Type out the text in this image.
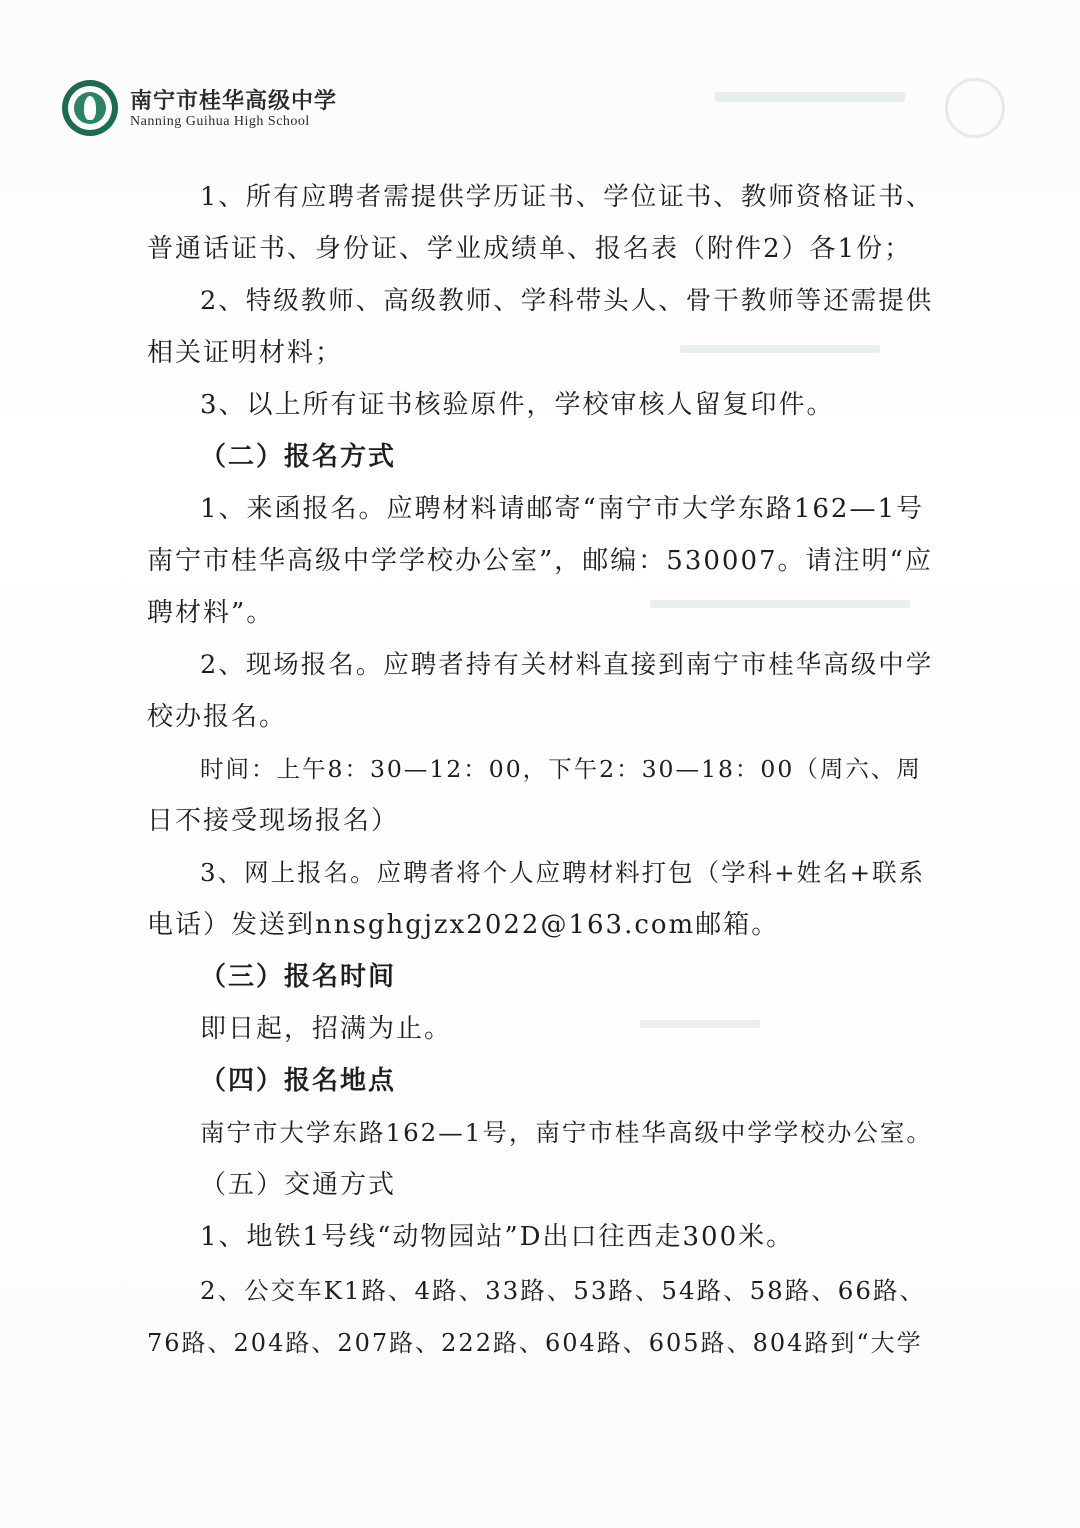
南宁市桂华高级中学
Nanning Guihua High School
1、所有应聘者需提供学历证书、学位证书、教师资格证书、
普通话证书、身份证、学业成绩单、报名表（附件2）各1份；
2、特级教师、高级教师、学科带头人、骨干教师等还需提供
相关证明材料；
3、以上所有证书核验原件，学校审核人留复印件。
（二）报名方式
1、来函报名。应聘材料请邮寄“南宁市大学东路162—1号
南宁市桂华高级中学学校办公室”，邮编：530007。请注明“应
聘材料”。
2、现场报名。应聘者持有关材料直接到南宁市桂华高级中学
校办报名。
时间：上午8：30—12：00，下午2：30—18：00（周六、周
日不接受现场报名）
3、网上报名。应聘者将个人应聘材料打包（学科+姓名+联系
电话）发送到nnsghgjzx2022@163.com邮箱。
（三）报名时间
即日起，招满为止。
（四）报名地点
南宁市大学东路162—1号，南宁市桂华高级中学学校办公室。
（五）交通方式
1、地铁1号线“动物园站”D出口往西走300米。
2、公交车K1路、4路、33路、53路、54路、58路、66路、
76路、204路、207路、222路、604路、605路、804路到“大学
